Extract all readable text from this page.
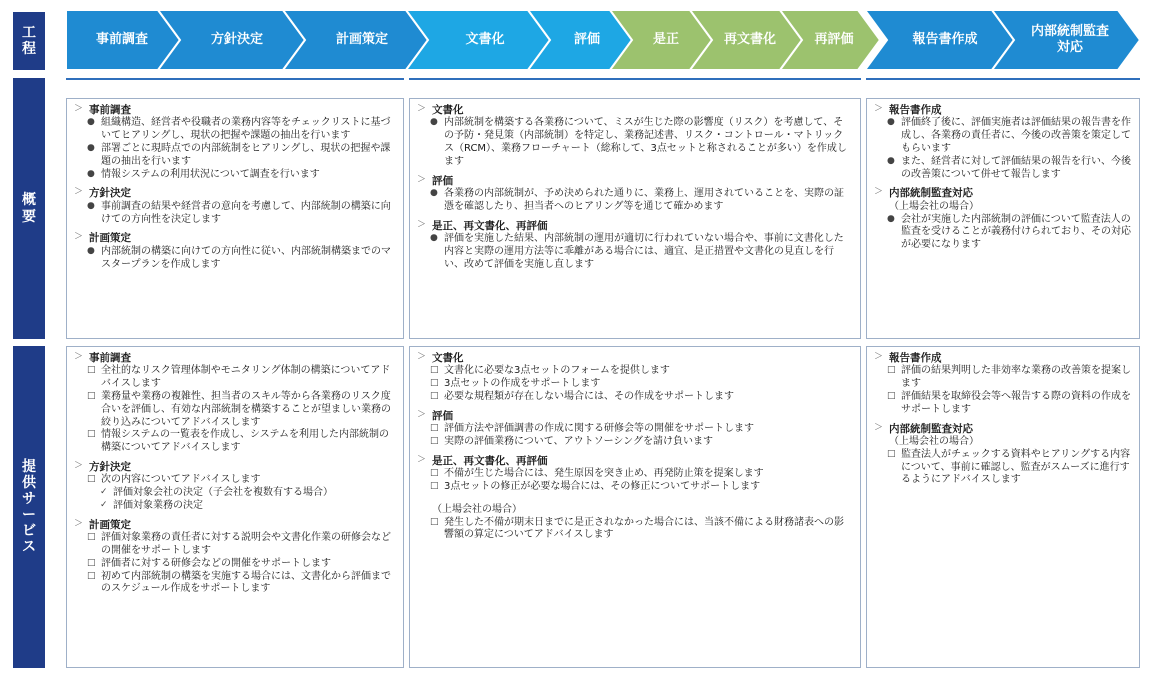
工程
概要
提供サービス
事前調査	方針決定	計画策定	文書化	評価	是正	再文書化	再評価	報告書作成
内部統制監査対応
内部統制構築に向けての事前検討	内部統制の整備及び運用状況の評価	評価結果のフィードバック
＞ 事前調査
● 組織構造、経営者や役職者の業務内容等をチェックリストに基づいてヒアリングし、現状の把握や課題の抽出を行います
● 部署ごとに現時点での内部統制をヒアリングし、現状の把握や課題の抽出を行います
● 情報システムの利用状況について調査を行います
＞ 方針決定
● 事前調査の結果や経営者の意向を考慮して、内部統制の構築に向けての方向性を決定します
＞ 計画策定
● 内部統制の構築に向けての方向性に従い、内部統制構築までのマスタープランを作成します
＞ 文書化
● 内部統制を構築する各業務について、ミスが生じた際の影響度（リスク）を考慮して、その予防・発見策（内部統制）を特定し、業務記述書、リスク・コントロール・マトリックス（RCM）、業務フローチャート（総称して、3点セットと称されることが多い）を作成します
＞ 評価
● 各業務の内部統制が、予め決められた通りに、業務上、運用されていることを、実際の証憑を確認したり、担当者へのヒアリング等を通じて確かめます
＞ 是正、再文書化、再評価
● 評価を実施した結果、内部統制の運用が適切に行われていない場合や、事前に文書化した内容と実際の運用方法等に乖離がある場合には、適宜、是正措置や文書化の見直しを行い、改めて評価を実施し直します
＞ 報告書作成
● 評価終了後に、評価実施者は評価結果の報告書を作成し、各業務の責任者に、今後の改善策を策定してもらいます
● また、経営者に対して評価結果の報告を行い、今後の改善策について併せて報告します
＞ 内部統制監査対応
（上場会社の場合）
● 会社が実施した内部統制の評価について監査法人の監査を受けることが義務付けられており、その対応が必要になります
＞ 事前調査
□ 全社的なリスク管理体制やモニタリング体制の構築についてアドバイスします
□ 業務量や業務の複雑性、担当者のスキル等から各業務のリスク度合いを評価し、有効な内部統制を構築することが望ましい業務の絞り込みについてアドバイスします
□ 情報システムの一覧表を作成し、システムを利用した内部統制の構築についてアドバイスします
＞ 方針決定
□ 次の内容についてアドバイスします
✓ 評価対象会社の決定（子会社を複数有する場合）
✓ 評価対象業務の決定
＞ 計画策定
□ 評価対象業務の責任者に対する説明会や文書化作業の研修会などの開催をサポートします
□ 評価者に対する研修会などの開催をサポートします
□ 初めて内部統制の構築を実施する場合には、文書化から評価までのスケジュール作成をサポートします
＞ 文書化
□ 文書化に必要な3点セットのフォームを提供します
□ 3点セットの作成をサポートします
□ 必要な規程類が存在しない場合には、その作成をサポートします
＞ 評価
□ 評価方法や評価調書の作成に関する研修会等の開催をサポートします
□ 実際の評価業務について、アウトソーシングを請け負います
＞ 是正、再文書化、再評価
□ 不備が生じた場合には、発生原因を突き止め、再発防止策を提案します
□ 3点セットの修正が必要な場合には、その修正についてサポートします
（上場会社の場合）
□ 発生した不備が期末日までに是正されなかった場合には、当該不備による財務諸表への影響額の算定についてアドバイスします
＞ 報告書作成
□ 評価の結果判明した非効率な業務の改善策を提案します
□ 評価結果を取締役会等へ報告する際の資料の作成をサポートします
＞ 内部統制監査対応
（上場会社の場合）
□ 監査法人がチェックする資料やヒアリングする内容について、事前に確認し、監査がスムーズに進行するようにアドバイスします
